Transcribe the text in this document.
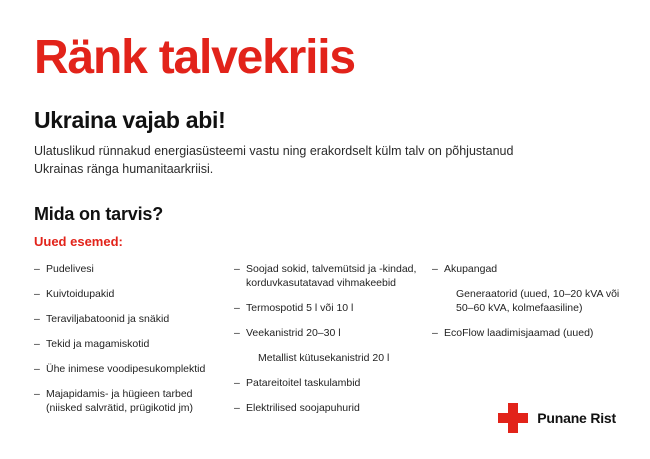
Ränk talvekriis
Ukraina vajab abi!

Ulatuslikud rünnakud energiasüsteemi vastu ning erakordselt külm talv on põhjustanud Ukrainas ränga humanitaarkriisi.

Mida on tarvis?

Uued esemed:

– Pudelivesi
– Kuivtoidupakid
– Teraviljabatoonid ja snäkid
– Tekid ja magamiskotid
– Ühe inimese voodipesukomplektid
– Majapidamis- ja hügieen tarbed (niisked salvrätid, prügikotid jm)
– Soojad sokid, talvemütsid ja -kindad, korduvkasutatavad vihmakeebid
– Termospotid 5 l või 10 l
– Veekanistrid 20–30 l
Metallist kütusekanistrid 20 l
– Patareitoitel taskulambid
– Elektrilised soojapuhurid
– Akupangad
Generaatorid (uued, 10–20 kVA või 50–60 kVA, kolmefaasiline)
– EcoFlow laadimisjaamad (uued)
Punane Rist
